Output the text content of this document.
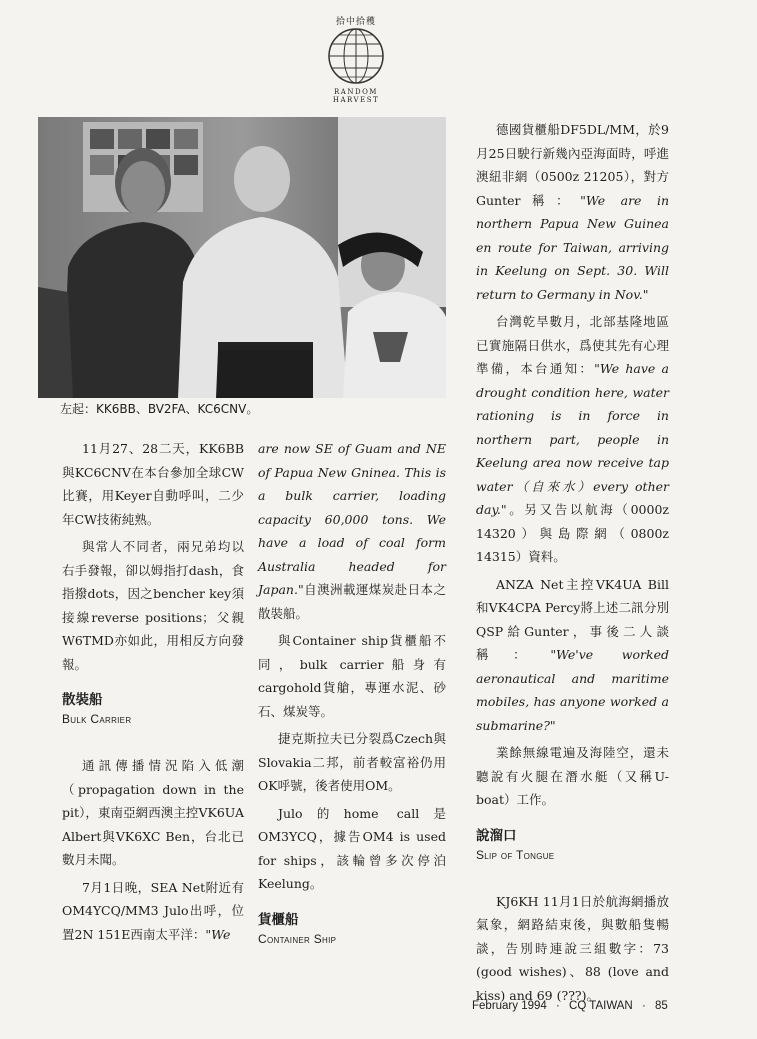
拾中拾穫
RANDOM HARVEST
左起：KK6BB、BV2FA、KC6CNV。

11月27、28二天，KK6BB與KC6CNV在本台參加全球CW比賽，用Keyer自動呼叫，二少年CW技術純熟。

與常人不同者，兩兄弟均以右手發報，卻以姆指打dash，食指撥dots，因之bencher key須接線reverse positions；父親W6TMD亦如此，用相反方向發報。

散裝船
Bulk Carrier

通訊傳播情況陷入低潮（propagation down in the pit），東南亞網西澳主控VK6UA Albert與VK6XC Ben，台北已數月未聞。

7月1日晚，SEA Net附近有OM4YCQ/MM3 Julo出呼，位置2N 151E西南太平洋："We

are now SE of Guam and NE of Papua New Gninea. This is a bulk carrier, loading capacity 60,000 tons. We have a load of coal form Australia headed for Japan."自澳洲載運煤炭赴日本之散裝船。

與Container ship貨櫃船不同，bulk carrier船身有cargohold貨艙，專運水泥、砂石、煤炭等。

捷克斯拉夫已分裂爲Czech與Slovakia二邦，前者較富裕仍用OK呼號，後者使用OM。

Julo的home call是OM3YCQ，據告OM4 is used for ships，該輪曾多次停泊Keelung。

貨櫃船
Container Ship

德國貨櫃船DF5DL/MM，於9月25日駛行新幾內亞海面時，呼進澳紐非網（0500z 21205），對方Gunter稱："We are in northern Papua New Guinea en route for Taiwan, arriving in Keelung on Sept. 30. Will return to Germany in Nov."

台灣乾旱數月，北部基隆地區已實施隔日供水，爲使其先有心理準備，本台通知："We have a drought condition here, water rationing is in force in northern part, people in Keelung area now receive tap water（自來水）every other day."。另又告以航海（0000z 14320）與島際網（0800z 14315）資料。

ANZA Net主控VK4UA Bill和VK4CPA Percy將上述二訊分別QSP給Gunter，事後二人談稱："We've worked aeronautical and maritime mobiles, has anyone worked a submarine?"

業餘無線電遍及海陸空，還未聽說有火腿在潛水艇（又稱U-boat）工作。

說溜口
Slip of Tongue

KJ6KH 11月1日於航海網播放氣象，網路結束後，與數船隻暢談，告別時連說三組數字：73 (good wishes)、88 (love and kiss) and 69 (???)。

February 1994 · CQ TAIWAN · 85
